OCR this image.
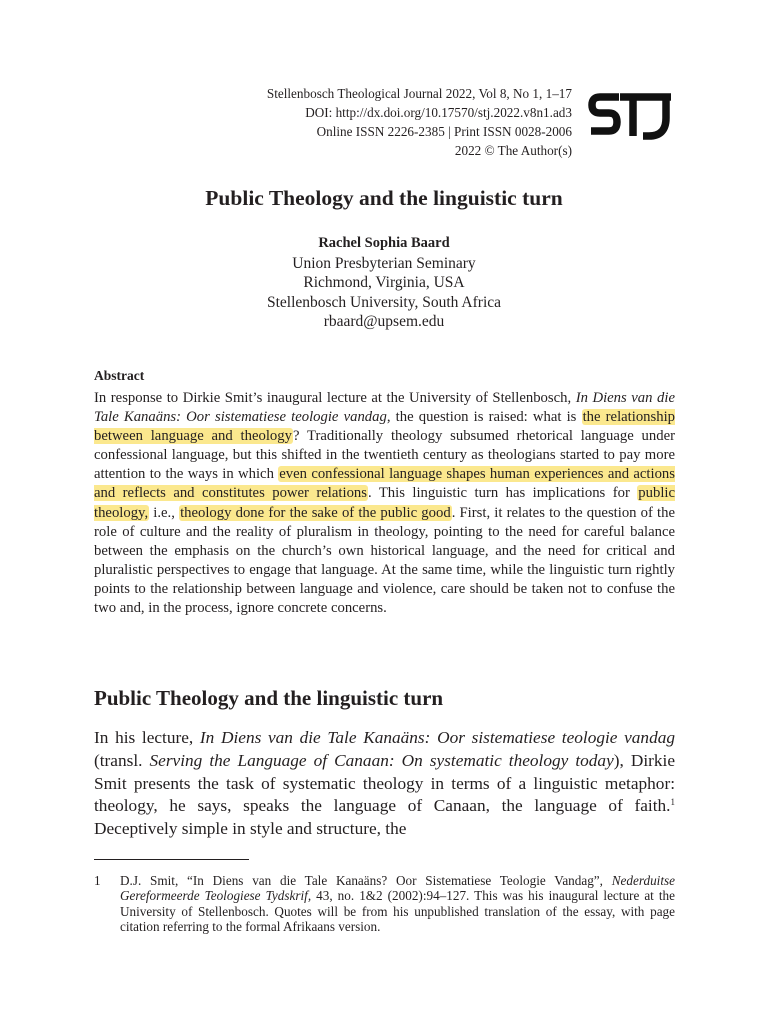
Stellenbosch Theological Journal 2022, Vol 8, No 1, 1–17
DOI: http://dx.doi.org/10.17570/stj.2022.v8n1.ad3
Online ISSN 2226-2385 | Print ISSN 0028-2006
2022 © The Author(s)
Public Theology and the linguistic turn
Rachel Sophia Baard
Union Presbyterian Seminary
Richmond, Virginia, USA
Stellenbosch University, South Africa
rbaard@upsem.edu
Abstract

In response to Dirkie Smit’s inaugural lecture at the University of Stellenbosch, In Diens van die Tale Kanaäns: Oor sistematiese teologie vandag, the question is raised: what is the relationship between language and theology? Traditionally theology subsumed rhetorical language under confessional language, but this shifted in the twentieth century as theologians started to pay more attention to the ways in which even confessional language shapes human experiences and actions and reflects and constitutes power relations. This linguistic turn has implications for public theology, i.e., theology done for the sake of the public good. First, it relates to the question of the role of culture and the reality of pluralism in theology, pointing to the need for careful balance between the emphasis on the church’s own historical language, and the need for critical and pluralistic perspectives to engage that language. At the same time, while the linguistic turn rightly points to the relationship between language and violence, care should be taken not to confuse the two and, in the process, ignore concrete concerns.

Public Theology and the linguistic turn

In his lecture, In Diens van die Tale Kanaäns: Oor sistematiese teologie vandag (transl. Serving the Language of Canaan: On systematic theology today), Dirkie Smit presents the task of systematic theology in terms of a linguistic metaphor: theology, he says, speaks the language of Canaan, the language of faith.$^1$ Deceptively simple in style and structure, the

1 D.J. Smit, “In Diens van die Tale Kanaäns? Oor Sistematiese Teologie Vandag”, Nederduitse Gereformeerde Teologiese Tydskrif, 43, no. 1&2 (2002):94–127. This was his inaugural lecture at the University of Stellenbosch. Quotes will be from his unpublished translation of the essay, with page citation referring to the formal Afrikaans version.
